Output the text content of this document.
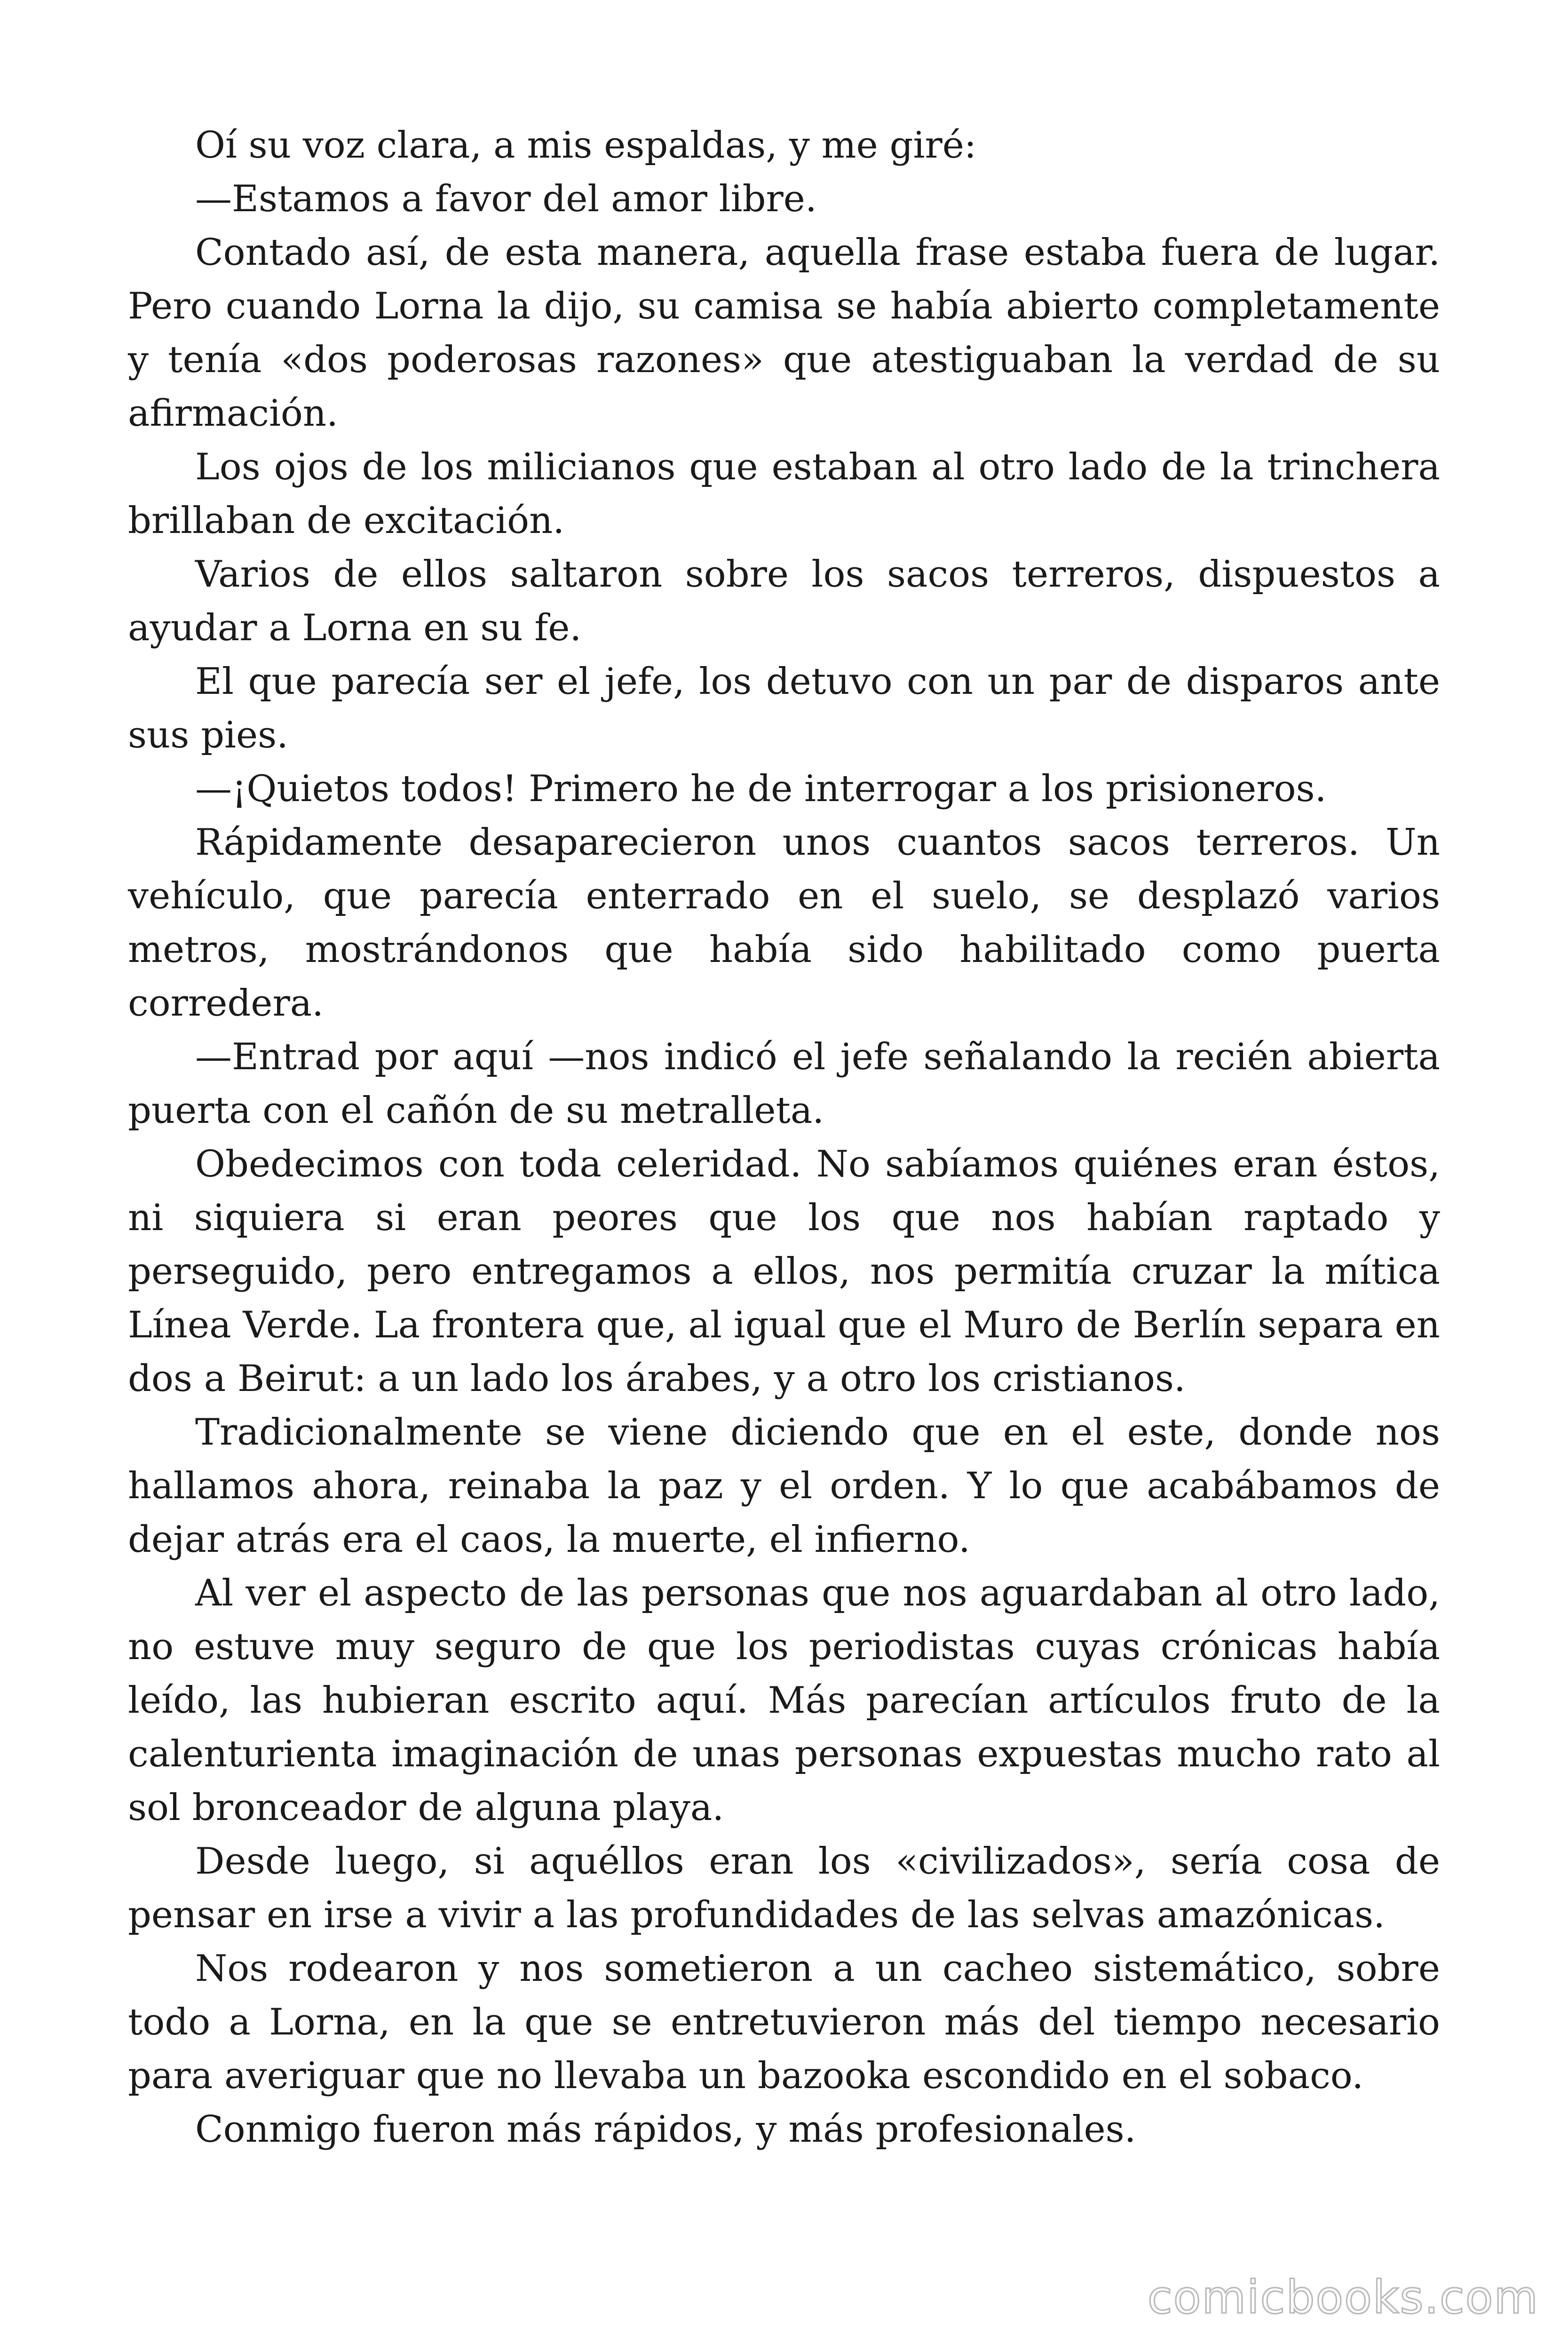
Oí su voz clara, a mis espaldas, y me giré:

—Estamos a favor del amor libre.

Contado así, de esta manera, aquella frase estaba fuera de lugar. Pero cuando Lorna la dijo, su camisa se había abierto completamente y tenía «dos poderosas razones» que atestiguaban la verdad de su afirmación.

Los ojos de los milicianos que estaban al otro lado de la trinchera brillaban de excitación.

Varios de ellos saltaron sobre los sacos terreros, dispuestos a ayudar a Lorna en su fe.

El que parecía ser el jefe, los detuvo con un par de disparos ante sus pies.

—¡Quietos todos! Primero he de interrogar a los prisioneros.

Rápidamente desaparecieron unos cuantos sacos terreros. Un vehículo, que parecía enterrado en el suelo, se desplazó varios metros, mostrándonos que había sido habilitado como puerta corredera.

—Entrad por aquí —nos indicó el jefe señalando la recién abierta puerta con el cañón de su metralleta.

Obedecimos con toda celeridad. No sabíamos quiénes eran éstos, ni siquiera si eran peores que los que nos habían raptado y perseguido, pero entregamos a ellos, nos permitía cruzar la mítica Línea Verde. La frontera que, al igual que el Muro de Berlín separa en dos a Beirut: a un lado los árabes, y a otro los cristianos.

Tradicionalmente se viene diciendo que en el este, donde nos hallamos ahora, reinaba la paz y el orden. Y lo que acabábamos de dejar atrás era el caos, la muerte, el infierno.

Al ver el aspecto de las personas que nos aguardaban al otro lado, no estuve muy seguro de que los periodistas cuyas crónicas había leído, las hubieran escrito aquí. Más parecían artículos fruto de la calenturienta imaginación de unas personas expuestas mucho rato al sol bronceador de alguna playa.

Desde luego, si aquéllos eran los «civilizados», sería cosa de pensar en irse a vivir a las profundidades de las selvas amazónicas.

Nos rodearon y nos sometieron a un cacheo sistemático, sobre todo a Lorna, en la que se entretuvieron más del tiempo necesario para averiguar que no llevaba un bazooka escondido en el sobaco.

Conmigo fueron más rápidos, y más profesionales.

comicbooks.com
